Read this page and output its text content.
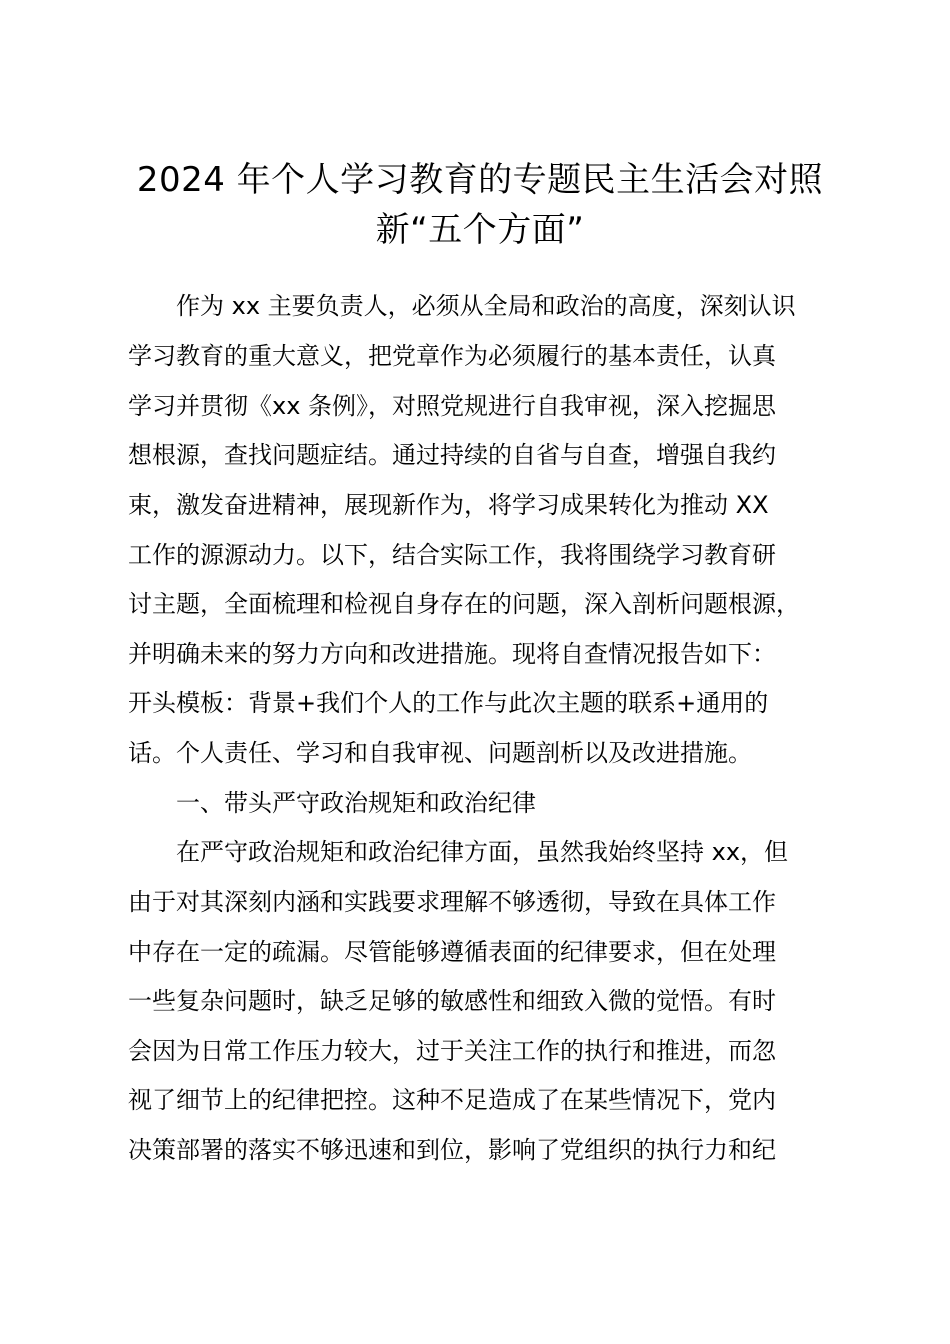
2024 年个人学习教育的专题民主生活会对照
新“五个方面”
作为 xx 主要负责人，必须从全局和政治的高度，深刻认识
学习教育的重大意义，把党章作为必须履行的基本责任，认真
学习并贯彻《xx 条例》，对照党规进行自我审视，深入挖掘思
想根源，查找问题症结。通过持续的自省与自查，增强自我约
束，激发奋进精神，展现新作为，将学习成果转化为推动 XX
工作的源源动力。以下，结合实际工作，我将围绕学习教育研
讨主题，全面梳理和检视自身存在的问题，深入剖析问题根源，
并明确未来的努力方向和改进措施。现将自查情况报告如下：
开头模板：背景+我们个人的工作与此次主题的联系+通用的
话。个人责任、学习和自我审视、问题剖析以及改进措施。
一、带头严守政治规矩和政治纪律
在严守政治规矩和政治纪律方面，虽然我始终坚持 xx，但
由于对其深刻内涵和实践要求理解不够透彻，导致在具体工作
中存在一定的疏漏。尽管能够遵循表面的纪律要求，但在处理
一些复杂问题时，缺乏足够的敏感性和细致入微的觉悟。有时
会因为日常工作压力较大，过于关注工作的执行和推进，而忽
视了细节上的纪律把控。这种不足造成了在某些情况下，党内
决策部署的落实不够迅速和到位，影响了党组织的执行力和纪
